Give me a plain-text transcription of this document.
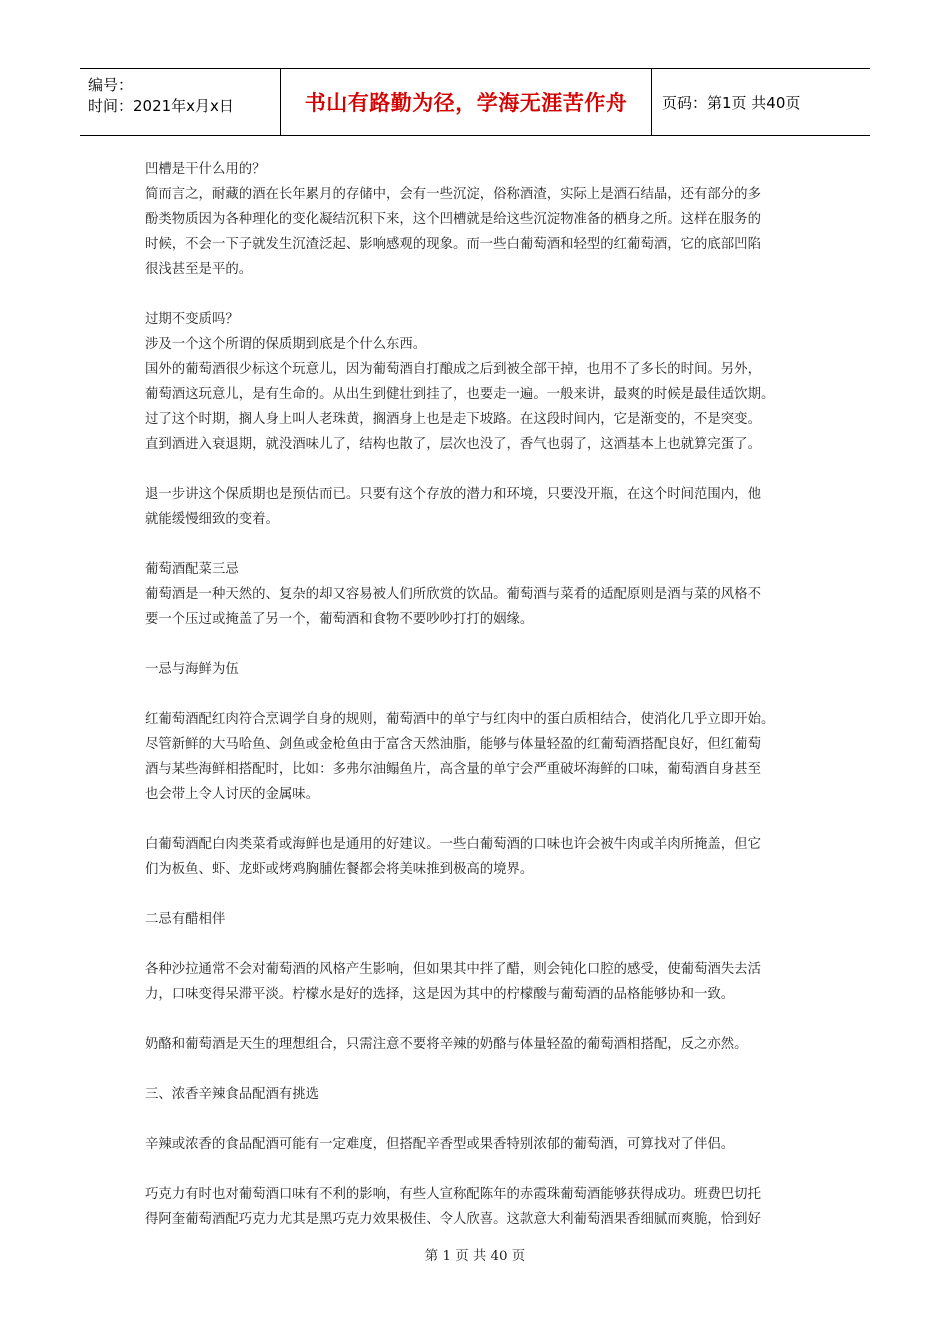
编号：
时间：2021年x月x日	书山有路勤为径，学海无涯苦作舟	页码：第1页 共40页

凹槽是干什么用的？

简而言之，耐藏的酒在长年累月的存储中，会有一些沉淀，俗称酒渣，实际上是酒石结晶，还有部分的多

酚类物质因为各种理化的变化凝结沉积下来，这个凹槽就是给这些沉淀物准备的栖身之所。这样在服务的

时候，不会一下子就发生沉渣泛起、影响感观的现象。而一些白葡萄酒和轻型的红葡萄酒，它的底部凹陷

很浅甚至是平的。

过期不变质吗？

涉及一个这个所谓的保质期到底是个什么东西。

国外的葡萄酒很少标这个玩意儿，因为葡萄酒自打酿成之后到被全部干掉，也用不了多长的时间。另外，

葡萄酒这玩意儿，是有生命的。从出生到健壮到挂了，也要走一遍。一般来讲，最爽的时候是最佳适饮期。

过了这个时期，搁人身上叫人老珠黄，搁酒身上也是走下坡路。在这段时间内，它是渐变的，不是突变。

直到酒进入衰退期，就没酒味儿了，结构也散了，层次也没了，香气也弱了，这酒基本上也就算完蛋了。

退一步讲这个保质期也是预估而已。只要有这个存放的潜力和环境，只要没开瓶，在这个时间范围内，他

就能缓慢细致的变着。

葡萄酒配菜三忌

葡萄酒是一种天然的、复杂的却又容易被人们所欣赏的饮品。葡萄酒与菜肴的适配原则是酒与菜的风格不

要一个压过或掩盖了另一个，葡萄酒和食物不要吵吵打打的姻缘。

一忌与海鲜为伍

红葡萄酒配红肉符合烹调学自身的规则，葡萄酒中的单宁与红肉中的蛋白质相结合，使消化几乎立即开始。

尽管新鲜的大马哈鱼、剑鱼或金枪鱼由于富含天然油脂，能够与体量轻盈的红葡萄酒搭配良好，但红葡萄

酒与某些海鲜相搭配时，比如：多弗尔油鳎鱼片，高含量的单宁会严重破坏海鲜的口味，葡萄酒自身甚至

也会带上令人讨厌的金属味。

白葡萄酒配白肉类菜肴或海鲜也是通用的好建议。一些白葡萄酒的口味也许会被牛肉或羊肉所掩盖，但它

们为板鱼、虾、龙虾或烤鸡胸脯佐餐都会将美味推到极高的境界。

二忌有醋相伴

各种沙拉通常不会对葡萄酒的风格产生影响，但如果其中拌了醋，则会钝化口腔的感受，使葡萄酒失去活

力，口味变得呆滞平淡。柠檬水是好的选择，这是因为其中的柠檬酸与葡萄酒的品格能够协和一致。

奶酪和葡萄酒是天生的理想组合，只需注意不要将辛辣的奶酪与体量轻盈的葡萄酒相搭配，反之亦然。

三、浓香辛辣食品配酒有挑选

辛辣或浓香的食品配酒可能有一定难度，但搭配辛香型或果香特别浓郁的葡萄酒，可算找对了伴侣。

巧克力有时也对葡萄酒口味有不利的影响，有些人宣称配陈年的赤霞珠葡萄酒能够获得成功。班费巴切托

得阿奎葡萄酒配巧克力尤其是黑巧克力效果极佳、令人欣喜。这款意大利葡萄酒果香细腻而爽脆，恰到好

第 1 页 共 40 页
